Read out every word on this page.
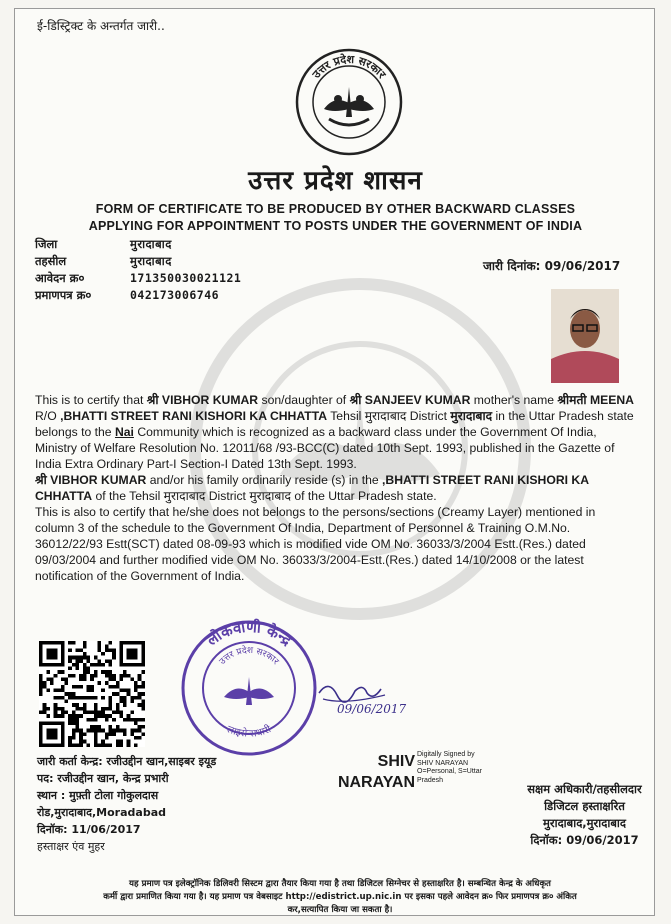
ई-डिस्ट्रिक्ट के अन्तर्गत जारी..
उत्तर प्रदेश सरकार
उत्तर प्रदेश शासन
FORM OF CERTIFICATE TO BE PRODUCED BY OTHER BACKWARD CLASSES
APPLYING FOR APPOINTMENT TO POSTS UNDER THE GOVERNMENT OF INDIA
जिला	मुरादाबाद
तहसील	मुरादाबाद
आवेदन क्र०	171350030021121
प्रमाणपत्र क्र०	042173006746
जारी दिनांक: 09/06/2017

This is to certify that श्री VIBHOR KUMAR son/daughter of श्री SANJEEV KUMAR mother's name श्रीमती MEENA R/O ,BHATTI STREET RANI KISHORI KA CHHATTA Tehsil मुरादाबाद District मुरादाबाद in the Uttar Pradesh state belongs to the Nai Community which is recognized as a backward class under the Government Of India, Ministry of Welfare Resolution No. 12011/68 /93-BCC(C) dated 10th Sept. 1993, published in the Gazette of India Extra Ordinary Part-I Section-I Dated 13th Sept. 1993.

श्री VIBHOR KUMAR and/or his family ordinarily reside (s) in the ,BHATTI STREET RANI KISHORI KA CHHATTA of the Tehsil मुरादाबाद District मुरादाबाद of the Uttar Pradesh state.

This is also to certify that he/she does not belongs to the persons/sections (Creamy Layer) mentioned in column 3 of the schedule to the Government Of India, Department of Personnel & Training O.M.No. 36012/22/93 Estt(SCT) dated 08-09-93 which is modified vide OM No. 36033/3/2004 Estt.(Res.) dated 09/03/2004 and further modified vide OM No. 36033/3/2004-Estt.(Res.) dated 14/10/2008 or the latest notification of the Government of India.

लोकवाणी केन्द्र
उत्तर प्रदेश सरकार
लाइसेन्सधारी
09/06/2017
जारी कर्ता केन्द्र: रजीउद्दीन खान,साइबर इयूड
पद: रजीउद्दीन खान, केन्द्र प्रभारी
स्थान : मुफ़्ती टोला गोकुलदास
रोड,मुरादाबाद,Moradabad
दिनॉक: 11/06/2017
हस्ताक्षर एंव मुहर
SHIV
NARAYAN
Digitally Signed by
SHIV NARAYAN
O=Personal, S=Uttar
Pradesh
सक्षम अधिकारी/तहसीलदार
डिजिटल हस्ताक्षरित
मुरादाबाद,मुरादाबाद
दिनॉक: 09/06/2017
यह प्रमाण पत्र इलेक्ट्रॉनिक डिलिवरी सिस्टम द्वारा तैयार किया गया है तथा डिजिटल सिग्नेचर से हस्ताक्षरित है। सम्बन्धित केन्द्र के अधिकृत
कर्मी द्वारा प्रमाणित किया गया है। यह प्रमाण पत्र वेबसाइट http://edistrict.up.nic.in पर इसका पहले आवेदन क्र० फिर प्रमाणपत्र क्र० अंकित
कर,सत्यापित किया जा सकता है।
